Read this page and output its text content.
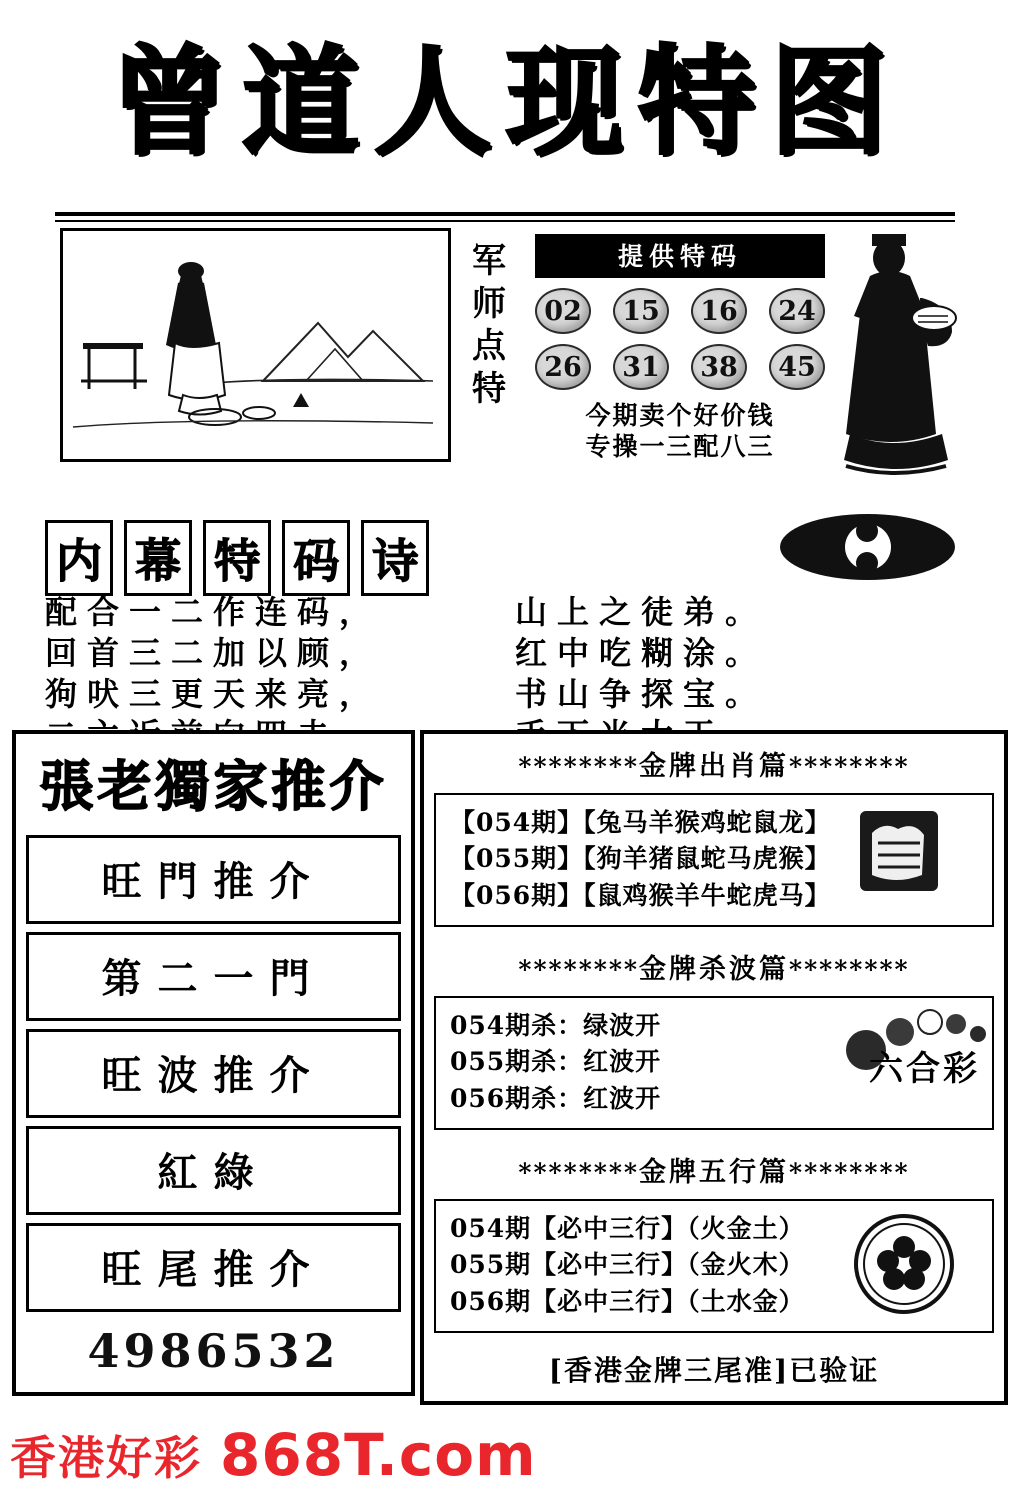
曾道人现特图
军师点特
提供特码
02	15	16	24
26	31	38	45
今期卖个好价钱
专操一三配八三
内 幕 特 码 诗
配合一二作连码，	山上之徒弟。
回首三二加以顾，	红中吃糊涂。
狗吠三更天来亮，	书山争探宝。
張老獨家推介
旺門推介
第二一門
旺波推介
紅綠
旺尾推介
4986532
********金牌出肖篇********
【054期】【兔马羊猴鸡蛇鼠龙】
【055期】【狗羊猪鼠蛇马虎猴】
【056期】【鼠鸡猴羊牛蛇虎马】
********金牌杀波篇********
054期杀：绿波开
055期杀：红波开
056期杀：红波开
六合彩
********金牌五行篇********
054期【必中三行】（火金土）
055期【必中三行】（金火木）
056期【必中三行】（土水金）
[香港金牌三尾准]已验证
香港好彩 868T.com
